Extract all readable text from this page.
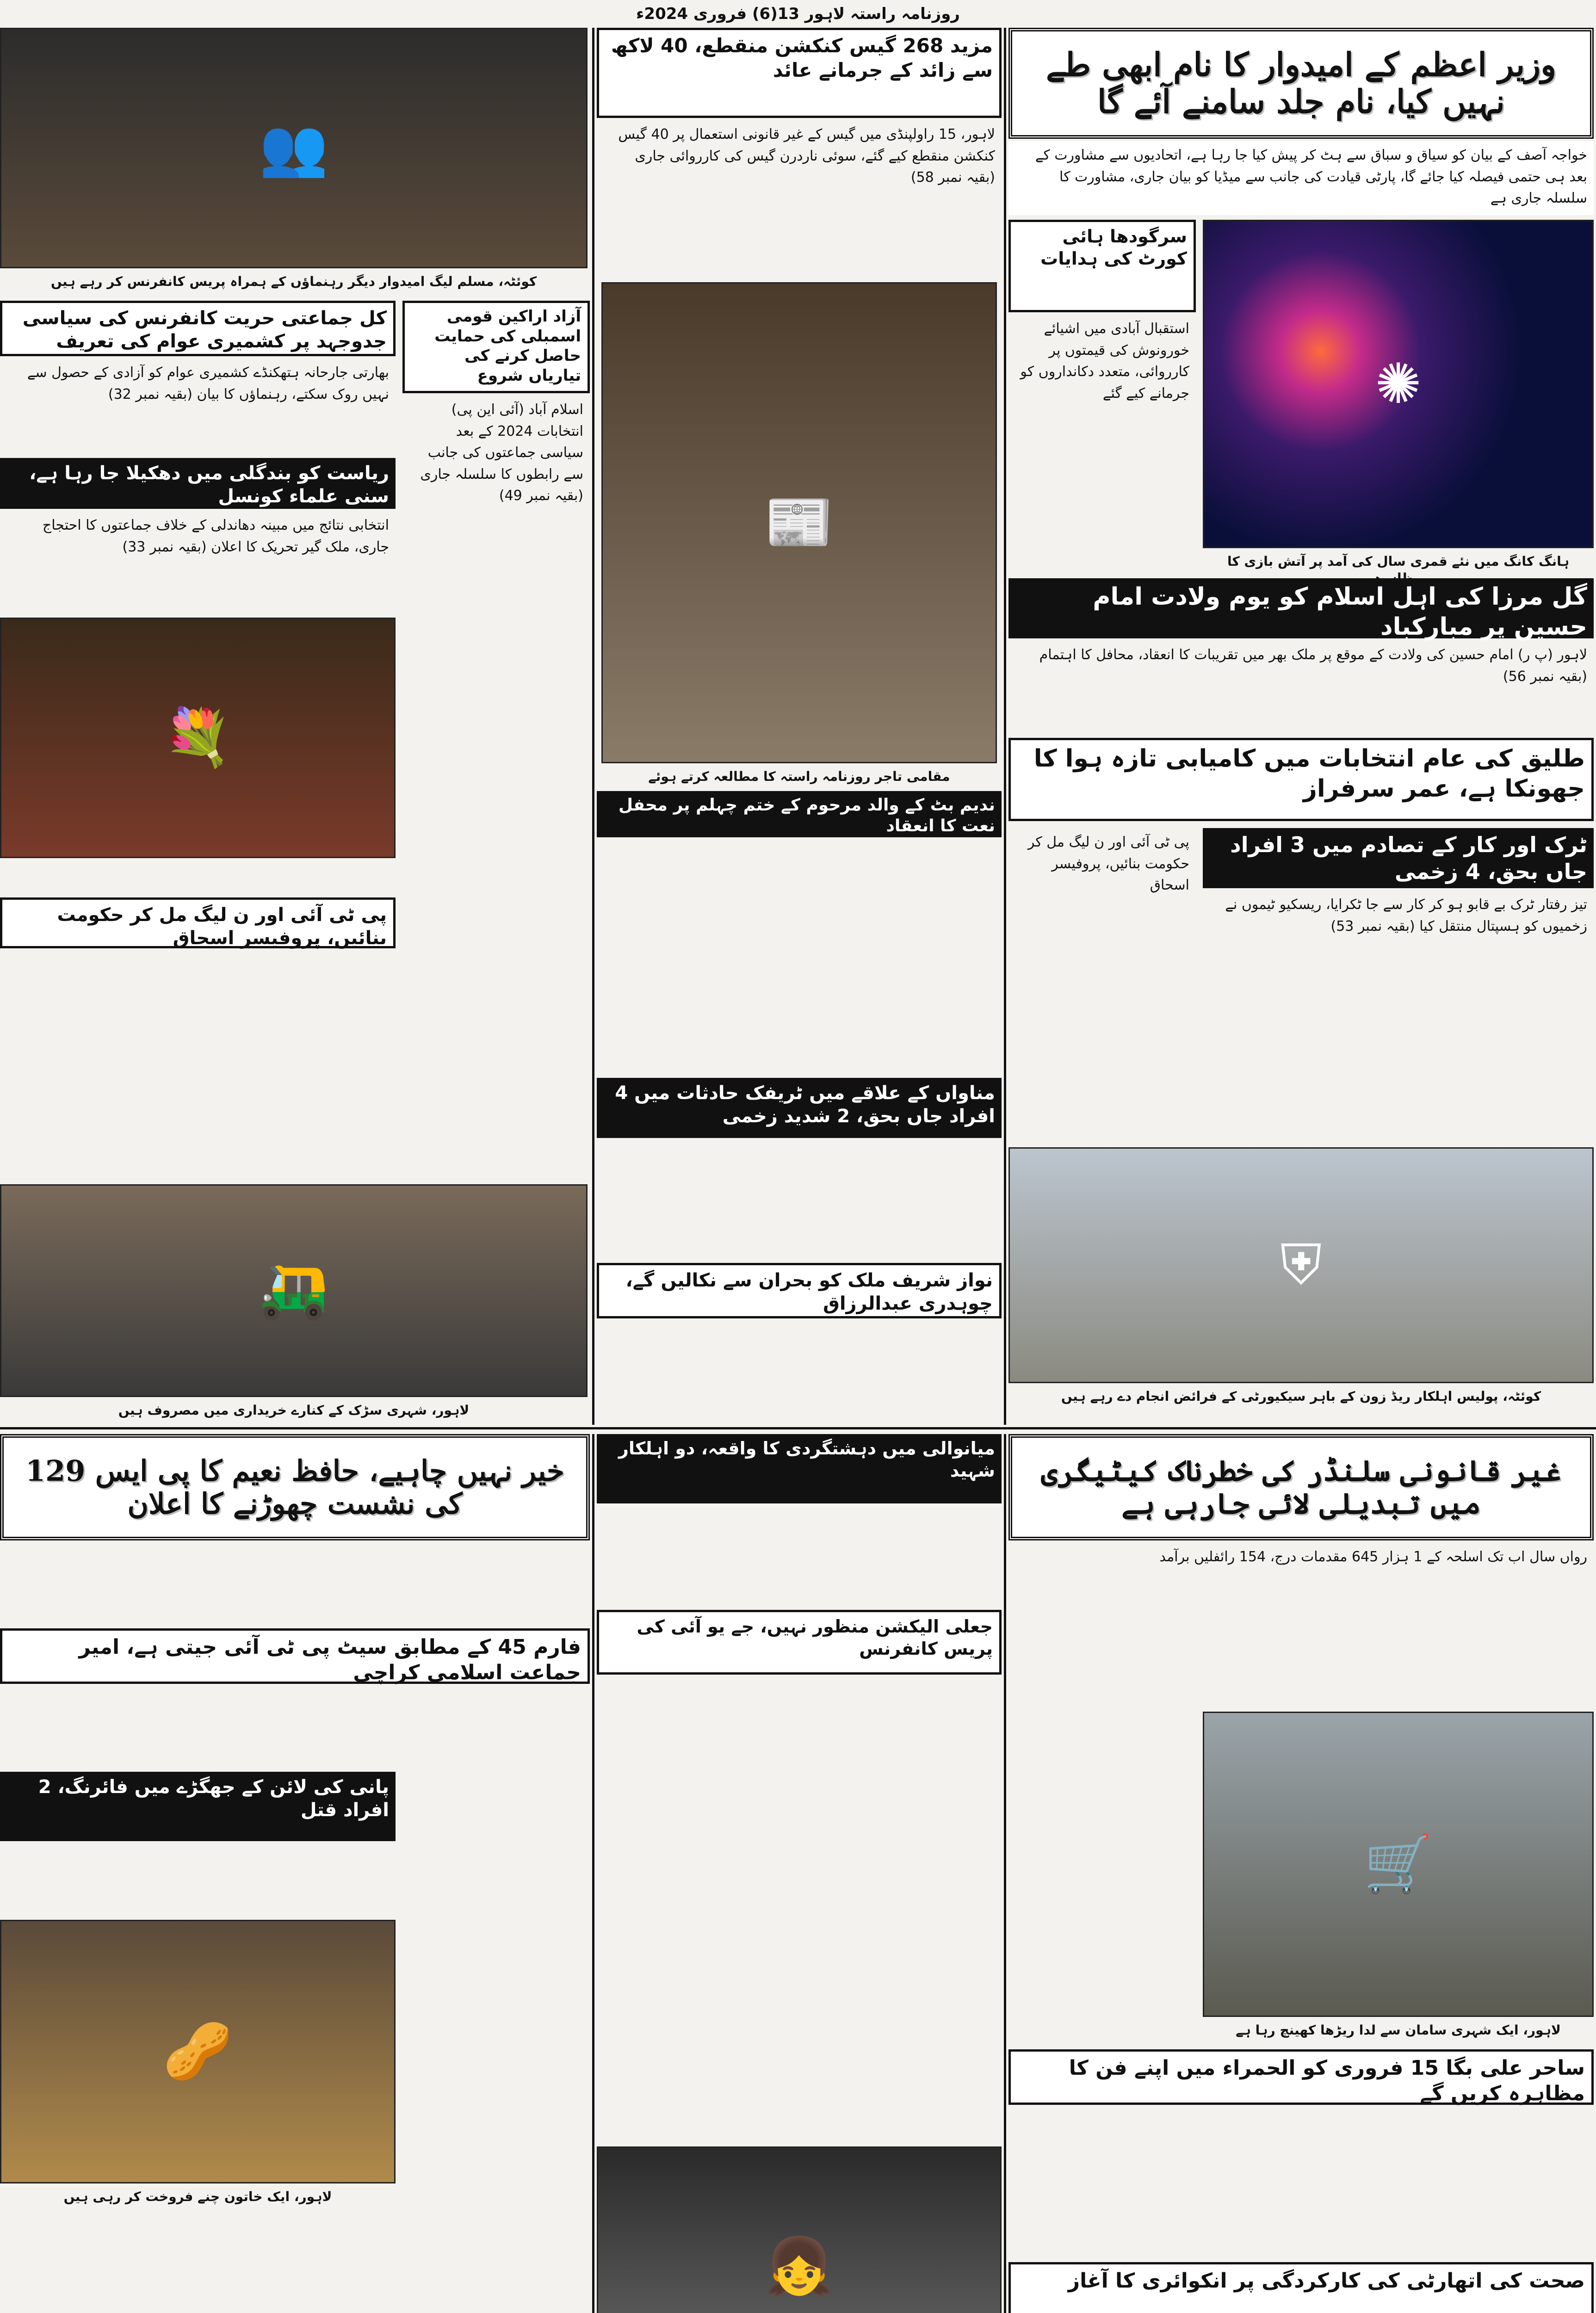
روزنامہ راستہ لاہور 13(6) فروری 2024ء
وزیر اعظم کے امیدوار کا نام ابھی طے نہیں کیا، نام جلد سامنے آئے گا
خواجہ آصف کے بیان کو سیاق و سباق سے ہٹ کر پیش کیا جا رہا ہے، اتحادیوں سے مشاورت کے بعد ہی حتمی فیصلہ کیا جائے گا، پارٹی قیادت کی جانب سے میڈیا کو بیان جاری، مشاورت کا سلسلہ جاری ہے
✺
ہانگ کانگ میں نئے قمری سال کی آمد پر آتش بازی کا
سرگودھا ہائی کورٹ کی ہدایات
استقبال آبادی میں اشیائے خورونوش کی قیمتوں پر کارروائی، متعدد دکانداروں کو جرمانے کیے گئے
گل مرزا کی اہل اسلام کو یوم ولادت امام حسین پر مبارکباد
لاہور (پ ر) امام حسین کی ولادت کے موقع پر ملک بھر میں تقریبات کا انعقاد، محافل کا اہتمام (بقیہ نمبر 56)
طلیق کی عام انتخابات میں کامیابی تازہ ہوا کا جھونکا ہے، عمر سرفراز
ٹرک اور کار کے تصادم میں 3 افراد جاں بحق، 4 زخمی
تیز رفتار ٹرک بے قابو ہو کر کار سے جا ٹکرایا، ریسکیو ٹیموں نے زخمیوں کو ہسپتال منتقل کیا (بقیہ نمبر 53)
پی ٹی آئی اور ن لیگ مل کر حکومت بنائیں، پروفیسر اسحاق
⛨
کوئٹہ، پولیس اہلکار ریڈ زون کے باہر سیکیورٹی کے فرائض انجام دے رہے ہیں
مزید 268 گیس کنکشن منقطع، 40 لاکھ سے زائد کے جرمانے عائد
لاہور، 15 راولپنڈی میں گیس کے غیر قانونی استعمال پر 40 گیس کنکشن منقطع کیے گئے، سوئی ناردرن گیس کی کارروائی جاری (بقیہ نمبر 58)
📰
مقامی تاجر روزنامہ راستہ کا مطالعہ کرتے ہوئے
ندیم بٹ کے والد مرحوم کے ختم چہلم پر محفل نعت کا انعقاد
مناواں کے علاقے میں ٹریفک حادثات میں 4 افراد جاں بحق، 2 شدید زخمی
نواز شریف ملک کو بحران سے نکالیں گے، چوہدری عبدالرزاق
👥
کوئٹہ، مسلم لیگ امیدوار دیگر رہنماؤں کے ہمراہ پریس کانفرنس کر رہے ہیں
کل جماعتی حریت کانفرنس کی سیاسی جدوجہد پر کشمیری عوام کی تعریف
بھارتی جارحانہ ہتھکنڈے کشمیری عوام کو آزادی کے حصول سے نہیں روک سکتے، رہنماؤں کا بیان (بقیہ نمبر 32)
ریاست کو بندگلی میں دھکیلا جا رہا ہے، سنی علماء کونسل
انتخابی نتائج میں مبینہ دھاندلی کے خلاف جماعتوں کا احتجاج جاری، ملک گیر تحریک کا اعلان (بقیہ نمبر 33)
💐
پی ٹی آئی اور ن لیگ مل کر حکومت بنائیں، پروفیسر اسحاق
آزاد اراکین قومی اسمبلی کی حمایت حاصل کرنے کی تیاریاں شروع
اسلام آباد (آئی این پی) انتخابات 2024 کے بعد سیاسی جماعتوں کی جانب سے رابطوں کا سلسلہ جاری (بقیہ نمبر 49)
🛺
لاہور، شہری سڑک کے کنارے خریداری میں مصروف ہیں
خیر نہیں چاہیے، حافظ نعیم کا پی ایس 129 کی نشست چھوڑنے کا اعلان
غیر قانونی سلنڈر کی خطرناک کیٹیگری میں تبدیلی لائی جارہی ہے
رواں سال اب تک اسلحہ کے 1 ہزار 645 مقدمات درج، 154 رائفلیں برآمد
میانوالی میں دہشتگردی کا واقعہ، دو اہلکار شہید
جعلی الیکشن منظور نہیں، جے یو آئی کی پریس کانفرنس
فارم 45 کے مطابق سیٹ پی ٹی آئی جیتی ہے، امیر جماعت اسلامی کراچی
پانی کی لائن کے جھگڑے میں فائرنگ، 2 افراد قتل
🛒
لاہور، ایک شہری سامان سے لدا ریڑھا کھینچ رہا ہے
🥜
لاہور، ایک خاتون چنے فروخت کر رہی ہیں
ساحر علی بگا 15 فروری کو الحمراء میں اپنے فن کا مظاہرہ کریں گے
صحت کی اتھارٹی کی کارکردگی پر انکوائری کا آغاز
👧
